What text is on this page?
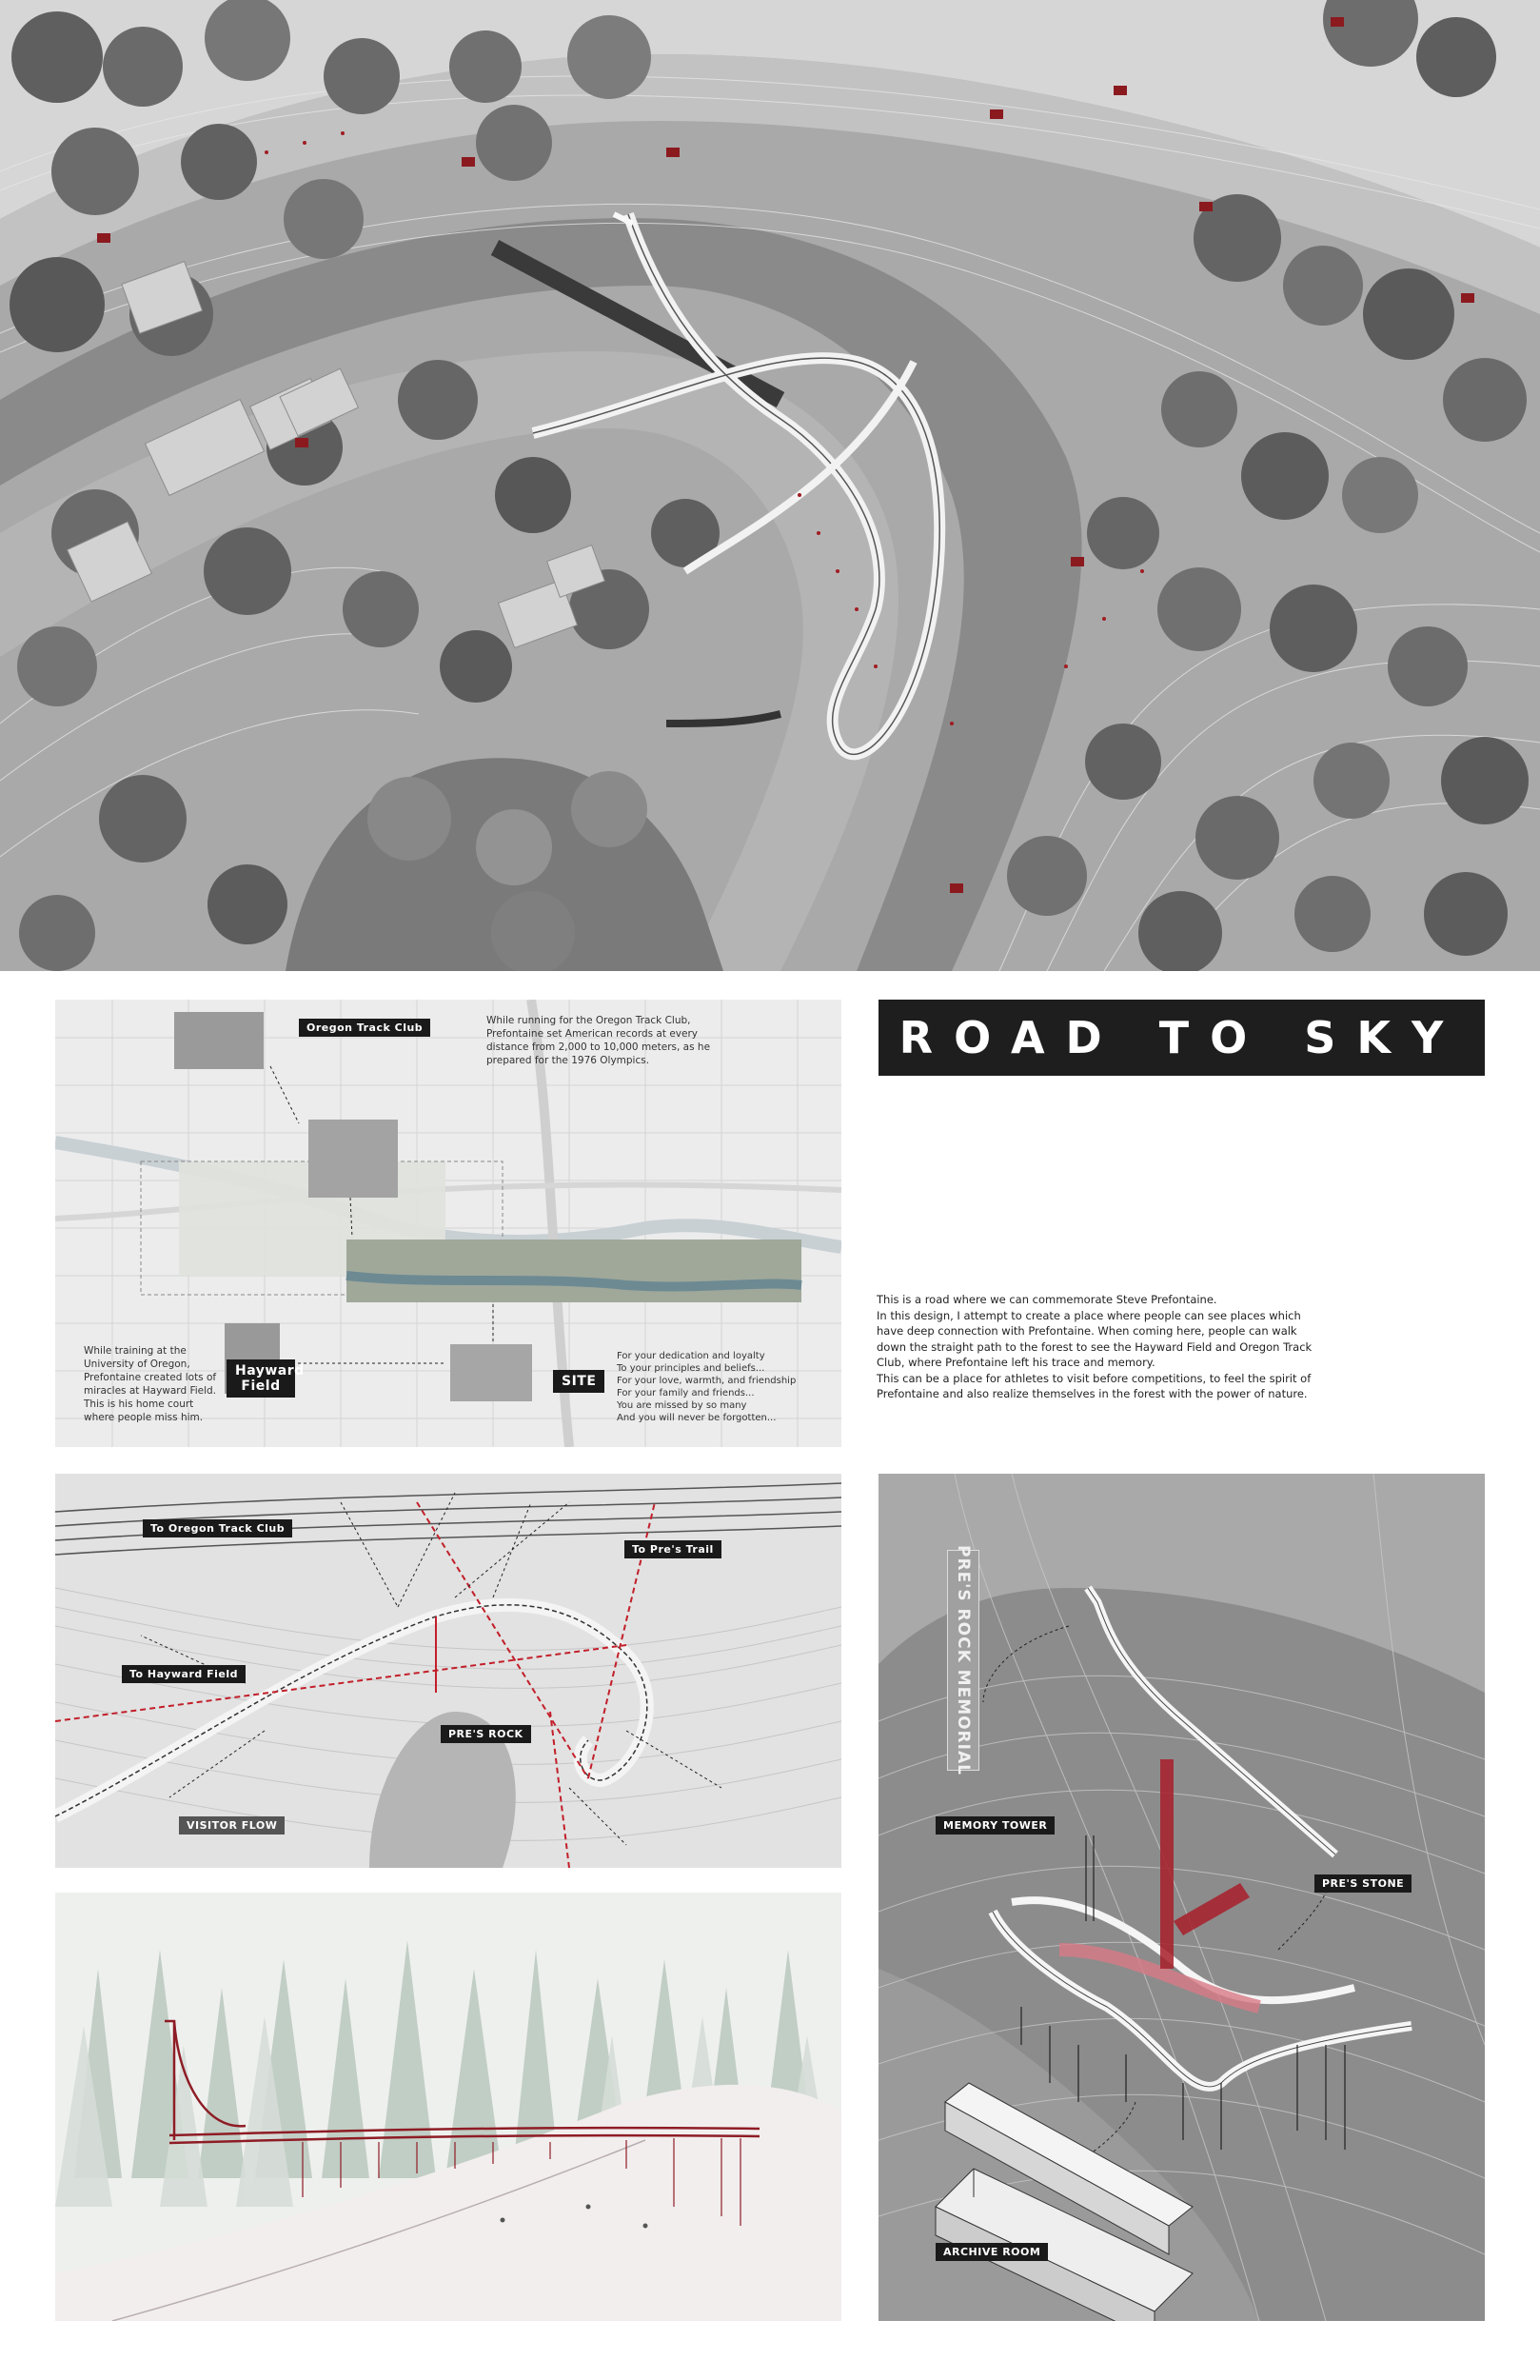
Oregon Track Club
While running for the Oregon Track Club, Prefontaine set American records at every distance from 2,000 to 10,000 meters, as he prepared for the 1976 Olympics.
While training at the University of Oregon, Prefontaine created lots of miracles at Hayward Field. This is his home court where people miss him.
Hayward Field	SITE

For your dedication and loyalty

To your principles and beliefs...

For your love, warmth, and friendship

For your family and friends...

You are missed by so many

And you will never be forgotten...

ROAD TO SKY

This is a road where we can commemorate Steve Prefontaine.

In this design, I attempt to create a place where people can see places which have deep connection with Prefontaine. When coming here, people can walk down the straight path to the forest to see the Hayward Field and Oregon Track Club, where Prefontaine left his trace and memory.

This can be a place for athletes to visit before competitions, to feel the spirit of Prefontaine and also realize themselves in the forest with the power of nature.

To Oregon Track Club
To Pre's Trail
To Hayward Field
PRE'S ROCK
VISITOR FLOW
PRE'S ROCK MEMORIAL
MEMORY TOWER
PRE'S STONE
ARCHIVE ROOM
